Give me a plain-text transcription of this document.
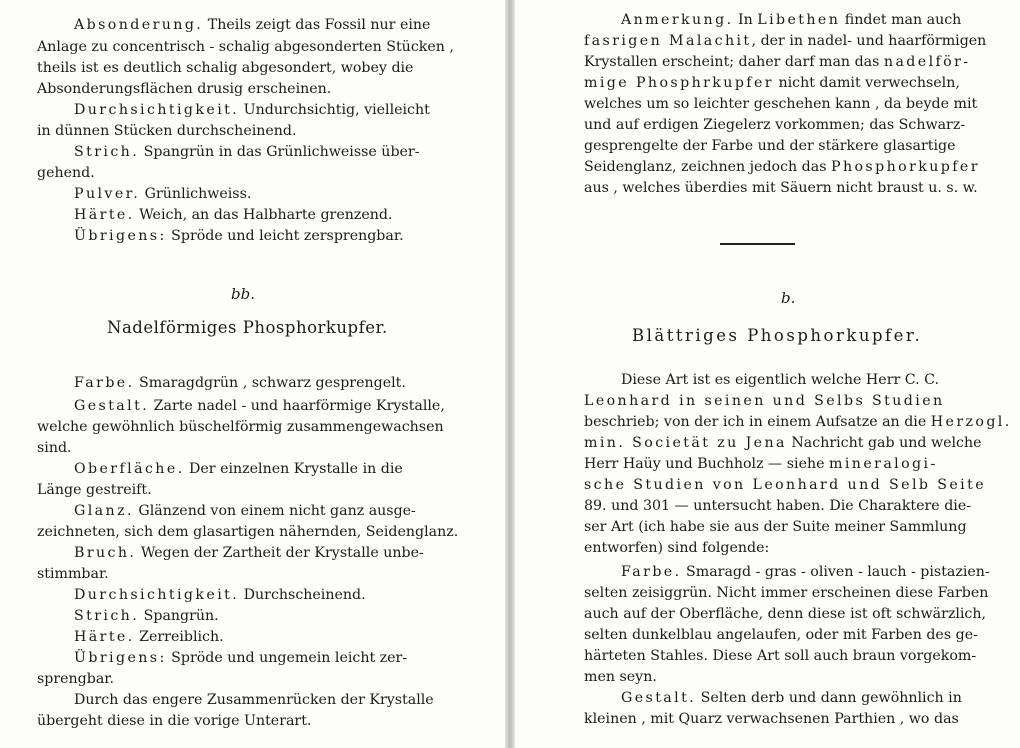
Absonderung. Theils zeigt das Fossil nur eine
Anlage zu concentrisch - schalig abgesonderten Stücken ,
theils ist es deutlich schalig abgesondert, wobey die
Absonderungsflächen drusig erscheinen.
Durchsichtigkeit. Undurchsichtig, vielleicht
in dünnen Stücken durchscheinend.
Strich. Spangrün in das Grünlichweisse über-
gehend.
Pulver. Grünlichweiss.
Härte. Weich, an das Halbharte grenzend.
Übrigens: Spröde und leicht zersprengbar.
bb.
Nadelförmiges Phosphorkupfer.
Farbe. Smaragdgrün , schwarz gesprengelt.
Gestalt. Zarte nadel - und haarförmige Krystalle,
welche gewöhnlich büschelförmig zusammengewachsen
sind.
Oberfläche. Der einzelnen Krystalle in die
Länge gestreift.
Glanz. Glänzend von einem nicht ganz ausge-
zeichneten, sich dem glasartigen nähernden, Seidenglanz.
Bruch. Wegen der Zartheit der Krystalle unbe-
stimmbar.
Durchsichtigkeit. Durchscheinend.
Strich. Spangrün.
Härte. Zerreiblich.
Übrigens: Spröde und ungemein leicht zer-
sprengbar.
Durch das engere Zusammenrücken der Krystalle
übergeht diese in die vorige Unterart.
Anmerkung. In Libethen findet man auch
fasrigen Malachit, der in nadel- und haarförmigen
Krystallen erscheint; daher darf man das nadelför-
mige Phosphrkupfer nicht damit verwechseln,
welches um so leichter geschehen kann , da beyde mit
und auf erdigen Ziegelerz vorkommen; das Schwarz-
gesprengelte der Farbe und der stärkere glasartige
Seidenglanz, zeichnen jedoch das Phosphorkupfer
aus , welches überdies mit Säuern nicht braust u. s. w.
b.
Blättriges Phosphorkupfer.
Diese Art ist es eigentlich welche Herr C. C.
Leonhard in seinen und Selbs Studien
beschrieb; von der ich in einem Aufsatze an die Herzogl.
min. Societät zu Jena Nachricht gab und welche
Herr Haüy und Buchholz — siehe mineralogi-
sche Studien von Leonhard und Selb Seite
89. und 301 — untersucht haben. Die Charaktere die-
ser Art (ich habe sie aus der Suite meiner Sammlung
entworfen) sind folgende:
Farbe. Smaragd - gras - oliven - lauch - pistazien-
selten zeisiggrün. Nicht immer erscheinen diese Farben
auch auf der Oberfläche, denn diese ist oft schwärzlich,
selten dunkelblau angelaufen, oder mit Farben des ge-
härteten Stahles. Diese Art soll auch braun vorgekom-
men seyn.
Gestalt. Selten derb und dann gewöhnlich in
kleinen , mit Quarz verwachsenen Parthien , wo das
